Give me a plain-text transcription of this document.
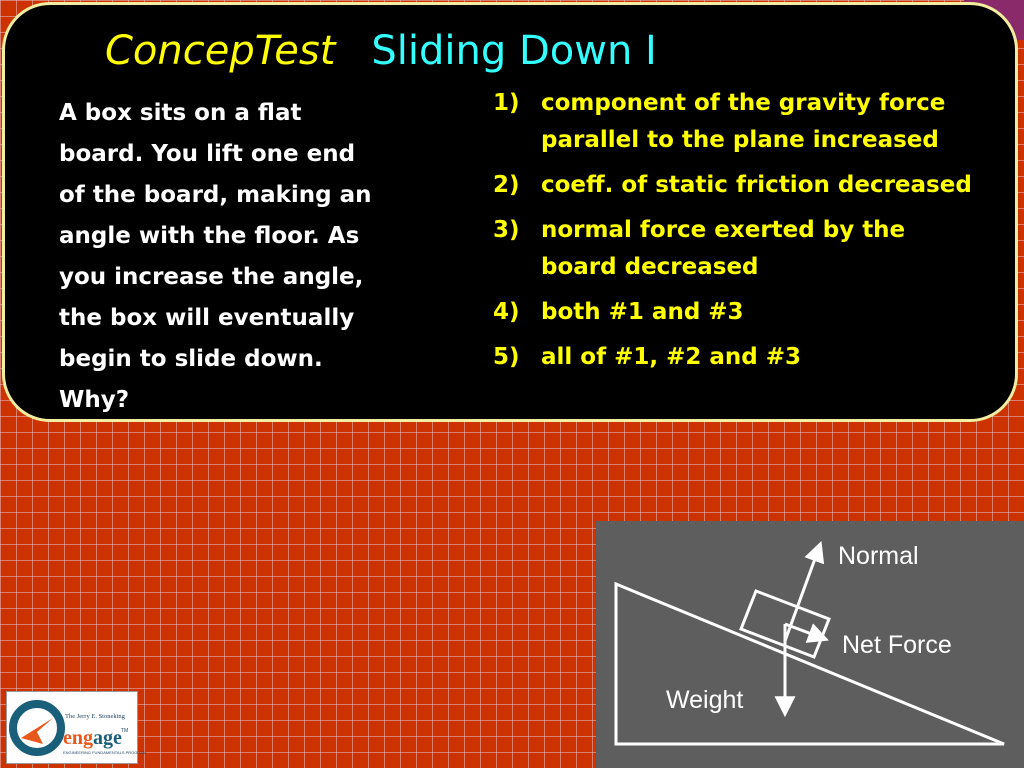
ConcepTest Sliding Down I
A box sits on a flat
board. You lift one end
of the board, making an
angle with the floor. As
you increase the angle,
the box will eventually
begin to slide down.
Why?
1) component of the gravity force
parallel to the plane increased
2) coeff. of static friction decreased
3) normal force exerted by the
board decreased
4) both #1 and #3
5) all of #1, #2 and #3
Normal
Net Force
Weight
The Jerry E. Stoneking
engage TM
ENGINEERING FUNDAMENTALS PROGRAM
